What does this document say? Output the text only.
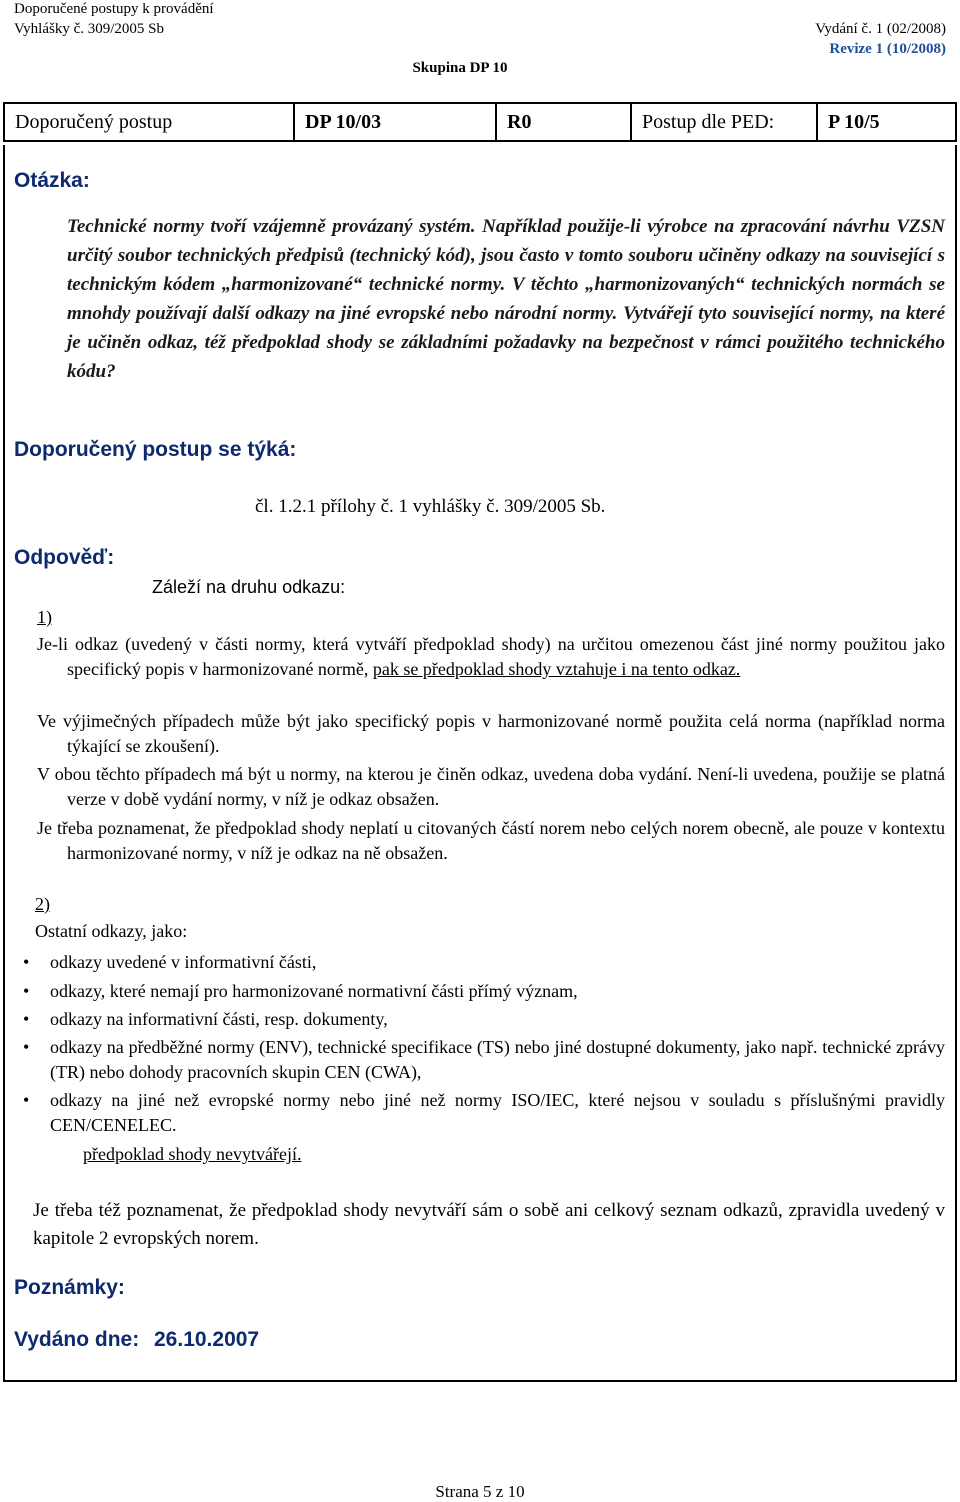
Doporučené postupy k provádění
Vyhlášky č. 309/2005 Sb	Vydání č. 1 (02/2008)
Revize 1 (10/2008)
Skupina DP 10
Doporučený postup	DP 10/03	R0	Postup dle PED:	P 10/5
Otázka:
Technické normy tvoří vzájemně provázaný systém. Například použije-li výrobce na zpracování návrhu VZSN určitý soubor technických předpisů (technický kód), jsou často v tomto souboru učiněny odkazy na související s technickým kódem „harmonizované“ technické normy. V těchto „harmonizovaných“ technických normách se mnohdy používají další odkazy na jiné evropské nebo národní normy. Vytvářejí tyto související normy, na které je učiněn odkaz, též předpoklad shody se základními požadavky na bezpečnost v rámci použitého technického kódu?
Doporučený postup se týká:
čl. 1.2.1 přílohy č. 1 vyhlášky č. 309/2005 Sb.
Odpověď:
Záleží na druhu odkazu:
1)
Je-li odkaz (uvedený v části normy, která vytváří předpoklad shody) na určitou omezenou část jiné normy použitou jako specifický popis v harmonizované normě, pak se předpoklad shody vztahuje i na tento odkaz.
Ve výjimečných případech může být jako specifický popis v harmonizované normě použita celá norma (například norma týkající se zkoušení).
V obou těchto případech má být u normy, na kterou je činěn odkaz, uvedena doba vydání. Není-li uvedena, použije se platná verze v době vydání normy, v níž je odkaz obsažen.
Je třeba poznamenat, že předpoklad shody neplatí u citovaných částí norem nebo celých norem obecně, ale pouze v kontextu harmonizované normy, v níž je odkaz na ně obsažen.
2)
Ostatní odkazy, jako:
•	odkazy uvedené v informativní části,
•	odkazy, které nemají pro harmonizované normativní části přímý význam,
•	odkazy na informativní části, resp. dokumenty,
•	odkazy na předběžné normy (ENV), technické specifikace (TS) nebo jiné dostupné dokumenty, jako např. technické zprávy (TR) nebo dohody pracovních skupin CEN (CWA),
•	odkazy na jiné než evropské normy nebo jiné než normy ISO/IEC, které nejsou v souladu s příslušnými pravidly CEN/CENELEC.
předpoklad shody nevytvářejí.
Je třeba též poznamenat, že předpoklad shody nevytváří sám o sobě ani celkový seznam odkazů, zpravidla uvedený v kapitole 2 evropských norem.
Poznámky:
Vydáno dne: 26.10.2007
Strana 5 z 10
